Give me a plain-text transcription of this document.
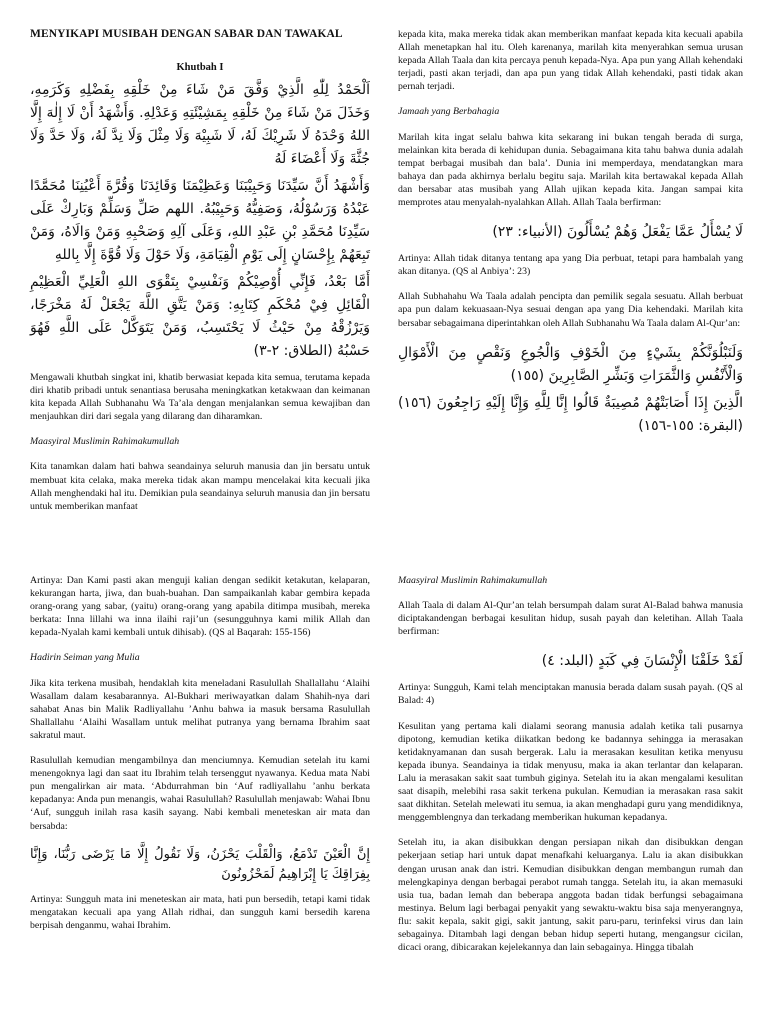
MENYIKAPI MUSIBAH DENGAN SABAR DAN TAWAKAL
Khutbah I

اَلْحَمْدُ لِلّٰهِ الَّذِيْ وَفَّقَ مَنْ شَاءَ مِنْ خَلْقِهِ بِفَضْلِهِ وَكَرَمِهِ، وَخَذَلَ مَنْ شَاءَ مِنْ خَلْقِهِ بِمَشِيْئَتِهِ وَعَدْلِهِ. وَأَشْهَدُ أَنْ لَا إِلٰهَ إِلَّا اللهُ وَحْدَهُ لَا شَرِيْكَ لَهُ، لَا شَبِيْهَ وَلَا مِثْلَ وَلَا نِدَّ لَهُ، وَلَا حَدَّ وَلَا جُثَّةَ وَلَا أَعْضَاءَ لَهُ

وَأَشْهَدُ أَنَّ سَيِّدَنَا وَحَبِيْبَنَا وَعَظِيْمَنَا وَقَائِدَنَا وَقُرَّةَ أَعْيُنِنَا مُحَمَّدًا عَبْدُهُ وَرَسُوْلُهُ، وَصَفِيُّهُ وَحَبِيْبُهُ. اللهم صَلِّ وَسَلِّمْ وَبَارِكْ عَلَى سَيِّدِنَا مُحَمَّدِ بْنِ عَبْدِ اللهِ، وَعَلَى آلِهِ وَصَحْبِهِ وَمَنْ وَالَاهُ، وَمَنْ تَبِعَهُمْ بِإِحْسَانٍ إِلَى يَوْمِ الْقِيَامَةِ، وَلَا حَوْلَ وَلَا قُوَّةَ إِلَّا بِاللهِ

أَمَّا بَعْدُ، فَإِنِّي أُوْصِيْكُمْ وَنَفْسِيْ بِتَقْوَى اللهِ الْعَلِيِّ الْعَظِيْمِ الْقَائِلِ فِيْ مُحْكَمِ كِتَابِهِ: وَمَنْ يَتَّقِ اللَّهَ يَجْعَلْ لَهُ مَخْرَجًا، وَيَرْزُقْهُ مِنْ حَيْثُ لَا يَحْتَسِبُ، وَمَنْ يَتَوَكَّلْ عَلَى اللَّهِ فَهُوَ حَسْبُهُ (الطلاق: ٢-٣)

Mengawali khutbah singkat ini, khatib berwasiat kepada kita semua, terutama kepada diri khatib pribadi untuk senantiasa berusaha meningkatkan ketakwaan dan keimanan kita kepada Allah Subhanahu Wa Ta’ala dengan menjalankan semua kewajiban dan menjauhkan diri dari segala yang dilarang dan diharamkan.

Maasyiral Muslimin Rahimakumullah

Kita tanamkan dalam hati bahwa seandainya seluruh manusia dan jin bersatu untuk membuat kita celaka, maka mereka tidak akan mampu mencelakai kita kecuali jika Allah menghendaki hal itu. Demikian pula seandainya seluruh manusia dan jin bersatu untuk memberikan manfaat

kepada kita, maka mereka tidak akan memberikan manfaat kepada kita kecuali apabila Allah menetapkan hal itu. Oleh karenanya, marilah kita menyerahkan semua urusan kepada Allah Taala dan kita percaya penuh kepada-Nya. Apa pun yang Allah kehendaki terjadi, pasti akan terjadi, dan apa pun yang tidak Allah kehendaki, pasti tidak akan pernah terjadi.

Jamaah yang Berbahagia

Marilah kita ingat selalu bahwa kita sekarang ini bukan tengah berada di surga, melainkan kita berada di kehidupan dunia. Sebagaimana kita tahu bahwa dunia adalah tempat berbagai musibah dan bala’. Dunia ini memperdaya, mendatangkan mara bahaya dan pada akhirnya berlalu begitu saja. Marilah kita bertawakal kepada Allah dan bersabar atas musibah yang Allah ujikan kepada kita. Jangan sampai kita memprotes atau menyalah-nyalahkan Allah. Allah Taala berfirman:

لَا يُسْأَلُ عَمَّا يَفْعَلُ وَهُمْ يُسْأَلُونَ (الأنبياء: ٢٣)

Artinya: Allah tidak ditanya tentang apa yang Dia perbuat, tetapi para hambalah yang akan ditanya. (QS al Anbiya’: 23)

Allah Subhahahu Wa Taala adalah pencipta dan pemilik segala sesuatu. Allah berbuat apa pun dalam kekuasaan-Nya sesuai dengan apa yang Dia kehendaki. Marilah kita bersabar sebagaimana diperintahkan oleh Allah Subhanahu Wa Taala dalam Al-Qur’an:

وَلَنَبْلُوَنَّكُمْ بِشَيْءٍ مِنَ الْخَوْفِ وَالْجُوعِ وَنَقْصٍ مِنَ الْأَمْوَالِ وَالْأَنْفُسِ وَالثَّمَرَاتِ وَبَشِّرِ الصَّابِرِينَ (١٥٥)

الَّذِينَ إِذَا أَصَابَتْهُمْ مُصِيبَةٌ قَالُوا إِنَّا لِلَّهِ وَإِنَّا إِلَيْهِ رَاجِعُونَ (١٥٦) (البقرة: ١٥٥-١٥٦)

Artinya: Dan Kami pasti akan menguji kalian dengan sedikit ketakutan, kelaparan, kekurangan harta, jiwa, dan buah-buahan. Dan sampaikanlah kabar gembira kepada orang-orang yang sabar, (yaitu) orang-orang yang apabila ditimpa musibah, mereka berkata: Inna lillahi wa inna ilaihi raji’un (sesungguhnya kami milik Allah dan kepada-Nyalah kami kembali untuk dihisab). (QS al Baqarah: 155-156)

Hadirin Seiman yang Mulia

Jika kita terkena musibah, hendaklah kita meneladani Rasulullah Shallallahu ‘Alaihi Wasallam dalam kesabarannya. Al-Bukhari meriwayatkan dalam Shahih-nya dari sahabat Anas bin Malik Radliyallahu ’Anhu bahwa ia masuk bersama Rasulullah Shallallahu ‘Alaihi Wasallam untuk melihat putranya yang bernama Ibrahim saat sakratul maut.

Rasulullah kemudian mengambilnya dan menciumnya. Kemudian setelah itu kami menengoknya lagi dan saat itu Ibrahim telah tersenggut nyawanya. Kedua mata Nabi pun mengalirkan air mata. ‘Abdurrahman bin ‘Auf radliyallahu ’anhu berkata kepadanya: Anda pun menangis, wahai Rasulullah? Rasulullah menjawab: Wahai Ibnu ‘Auf, sungguh inilah rasa kasih sayang. Nabi kembali meneteskan air mata dan bersabda:

إِنَّ الْعَيْنَ تَدْمَعُ، وَالْقَلْبَ يَحْزَنُ، وَلَا نَقُولُ إِلَّا مَا يَرْضَى رَبُّنَا، وَإِنَّا بِفِرَاقِكَ يَا إِبْرَاهِيمُ لَمَحْزُونُونَ

Artinya: Sungguh mata ini meneteskan air mata, hati pun bersedih, tetapi kami tidak mengatakan kecuali apa yang Allah ridhai, dan sungguh kami bersedih karena berpisah denganmu, wahai Ibrahim.

Maasyiral Muslimin Rahimakumullah

Allah Taala di dalam Al-Qur’an telah bersumpah dalam surat Al-Balad bahwa manusia diciptakandengan berbagai kesulitan hidup, susah payah dan keletihan. Allah Taala berfirman:

لَقَدْ خَلَقْنَا الْإِنْسَانَ فِي كَبَدٍ (البلد: ٤)

Artinya: Sungguh, Kami telah menciptakan manusia berada dalam susah payah. (QS al Balad: 4)

Kesulitan yang pertama kali dialami seorang manusia adalah ketika tali pusarnya dipotong, kemudian ketika diikatkan bedong ke badannya sehingga ia merasakan ketidaknyamanan dan susah bergerak. Lalu ia merasakan kesulitan ketika menyusu kepada ibunya. Seandainya ia tidak menyusu, maka ia akan terlantar dan kelaparan. Lalu ia merasakan sakit saat tumbuh giginya. Setelah itu ia akan mengalami kesulitan saat disapih, melebihi rasa sakit terkena pukulan. Kemudian ia merasakan rasa sakit saat dikhitan. Setelah melewati itu semua, ia akan menghadapi guru yang mendidiknya, menggemblengnya dan terkadang memberikan hukuman kepadanya.

Setelah itu, ia akan disibukkan dengan persiapan nikah dan disibukkan dengan pekerjaan setiap hari untuk dapat menafkahi keluarganya. Lalu ia akan disibukkan dengan urusan anak dan istri. Kemudian disibukkan dengan membangun rumah dan melengkapinya dengan berbagai perabot rumah tangga. Setelah itu, ia akan memasuki usia tua, badan lemah dan beberapa anggota badan tidak berfungsi sebagaimana mestinya. Belum lagi berbagai penyakit yang sewaktu-waktu bisa saja menyerangnya, flu: sakit kepala, sakit gigi, sakit jantung, sakit paru-paru, terinfeksi virus dan lain sebagainya. Ditambah lagi dengan beban hidup seperti hutang, mengangsur cicilan, dicaci orang, dibicarakan kejelekannya dan lain sebagainya. Hingga tibalah
